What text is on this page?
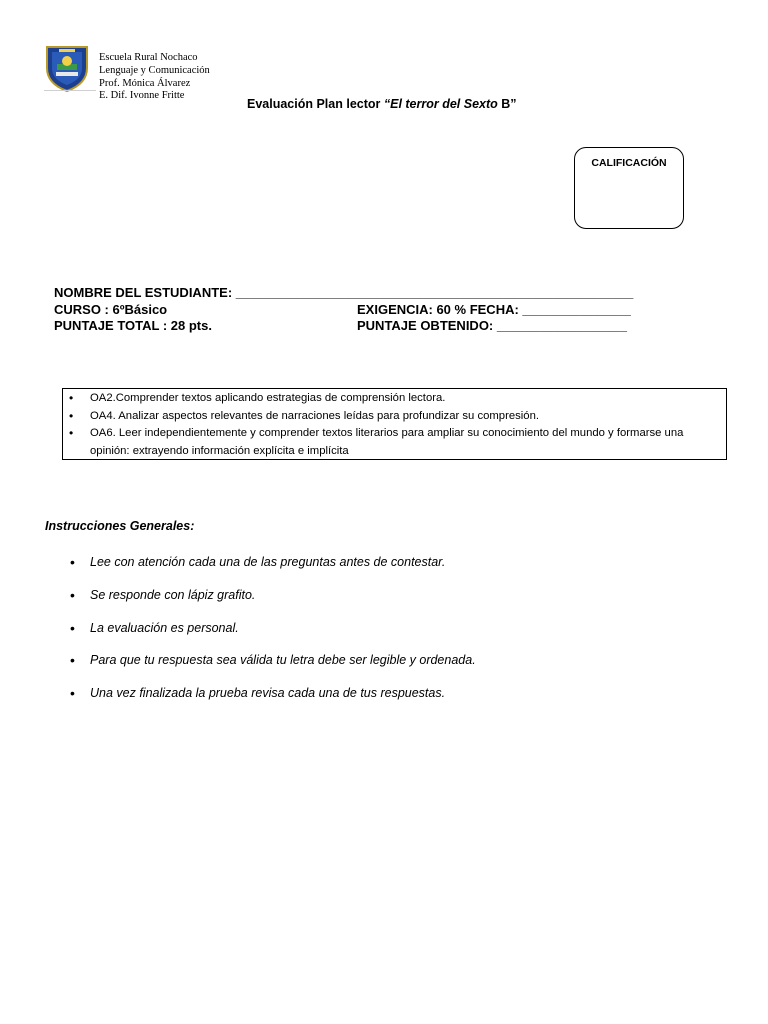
Escuela Rural Nochaco
Lenguaje y Comunicación
Prof. Mónica Álvarez
E. Dif. Ivonne Fritte
Evaluación Plan lector “El terror del Sexto B”
CALIFICACIÓN
NOMBRE DEL ESTUDIANTE: _______________________________________________________
CURSO : 6ºBásico	EXIGENCIA: 60 % FECHA: _______________
PUNTAJE TOTAL : 28 pts.	PUNTAJE OBTENIDO: __________________
• OA2.Comprender textos aplicando estrategias de comprensión lectora.
• OA4. Analizar aspectos relevantes de narraciones leídas para profundizar su compresión.
• OA6. Leer independientemente y comprender textos literarios para ampliar su conocimiento del mundo y formarse una opinión: extrayendo información explícita e implícita
Instrucciones Generales:
• Lee con atención cada una de las preguntas antes de contestar.
• Se responde con lápiz grafito.
• La evaluación es personal.
• Para que tu respuesta sea válida tu letra debe ser legible y ordenada.
• Una vez finalizada la prueba revisa cada una de tus respuestas.
